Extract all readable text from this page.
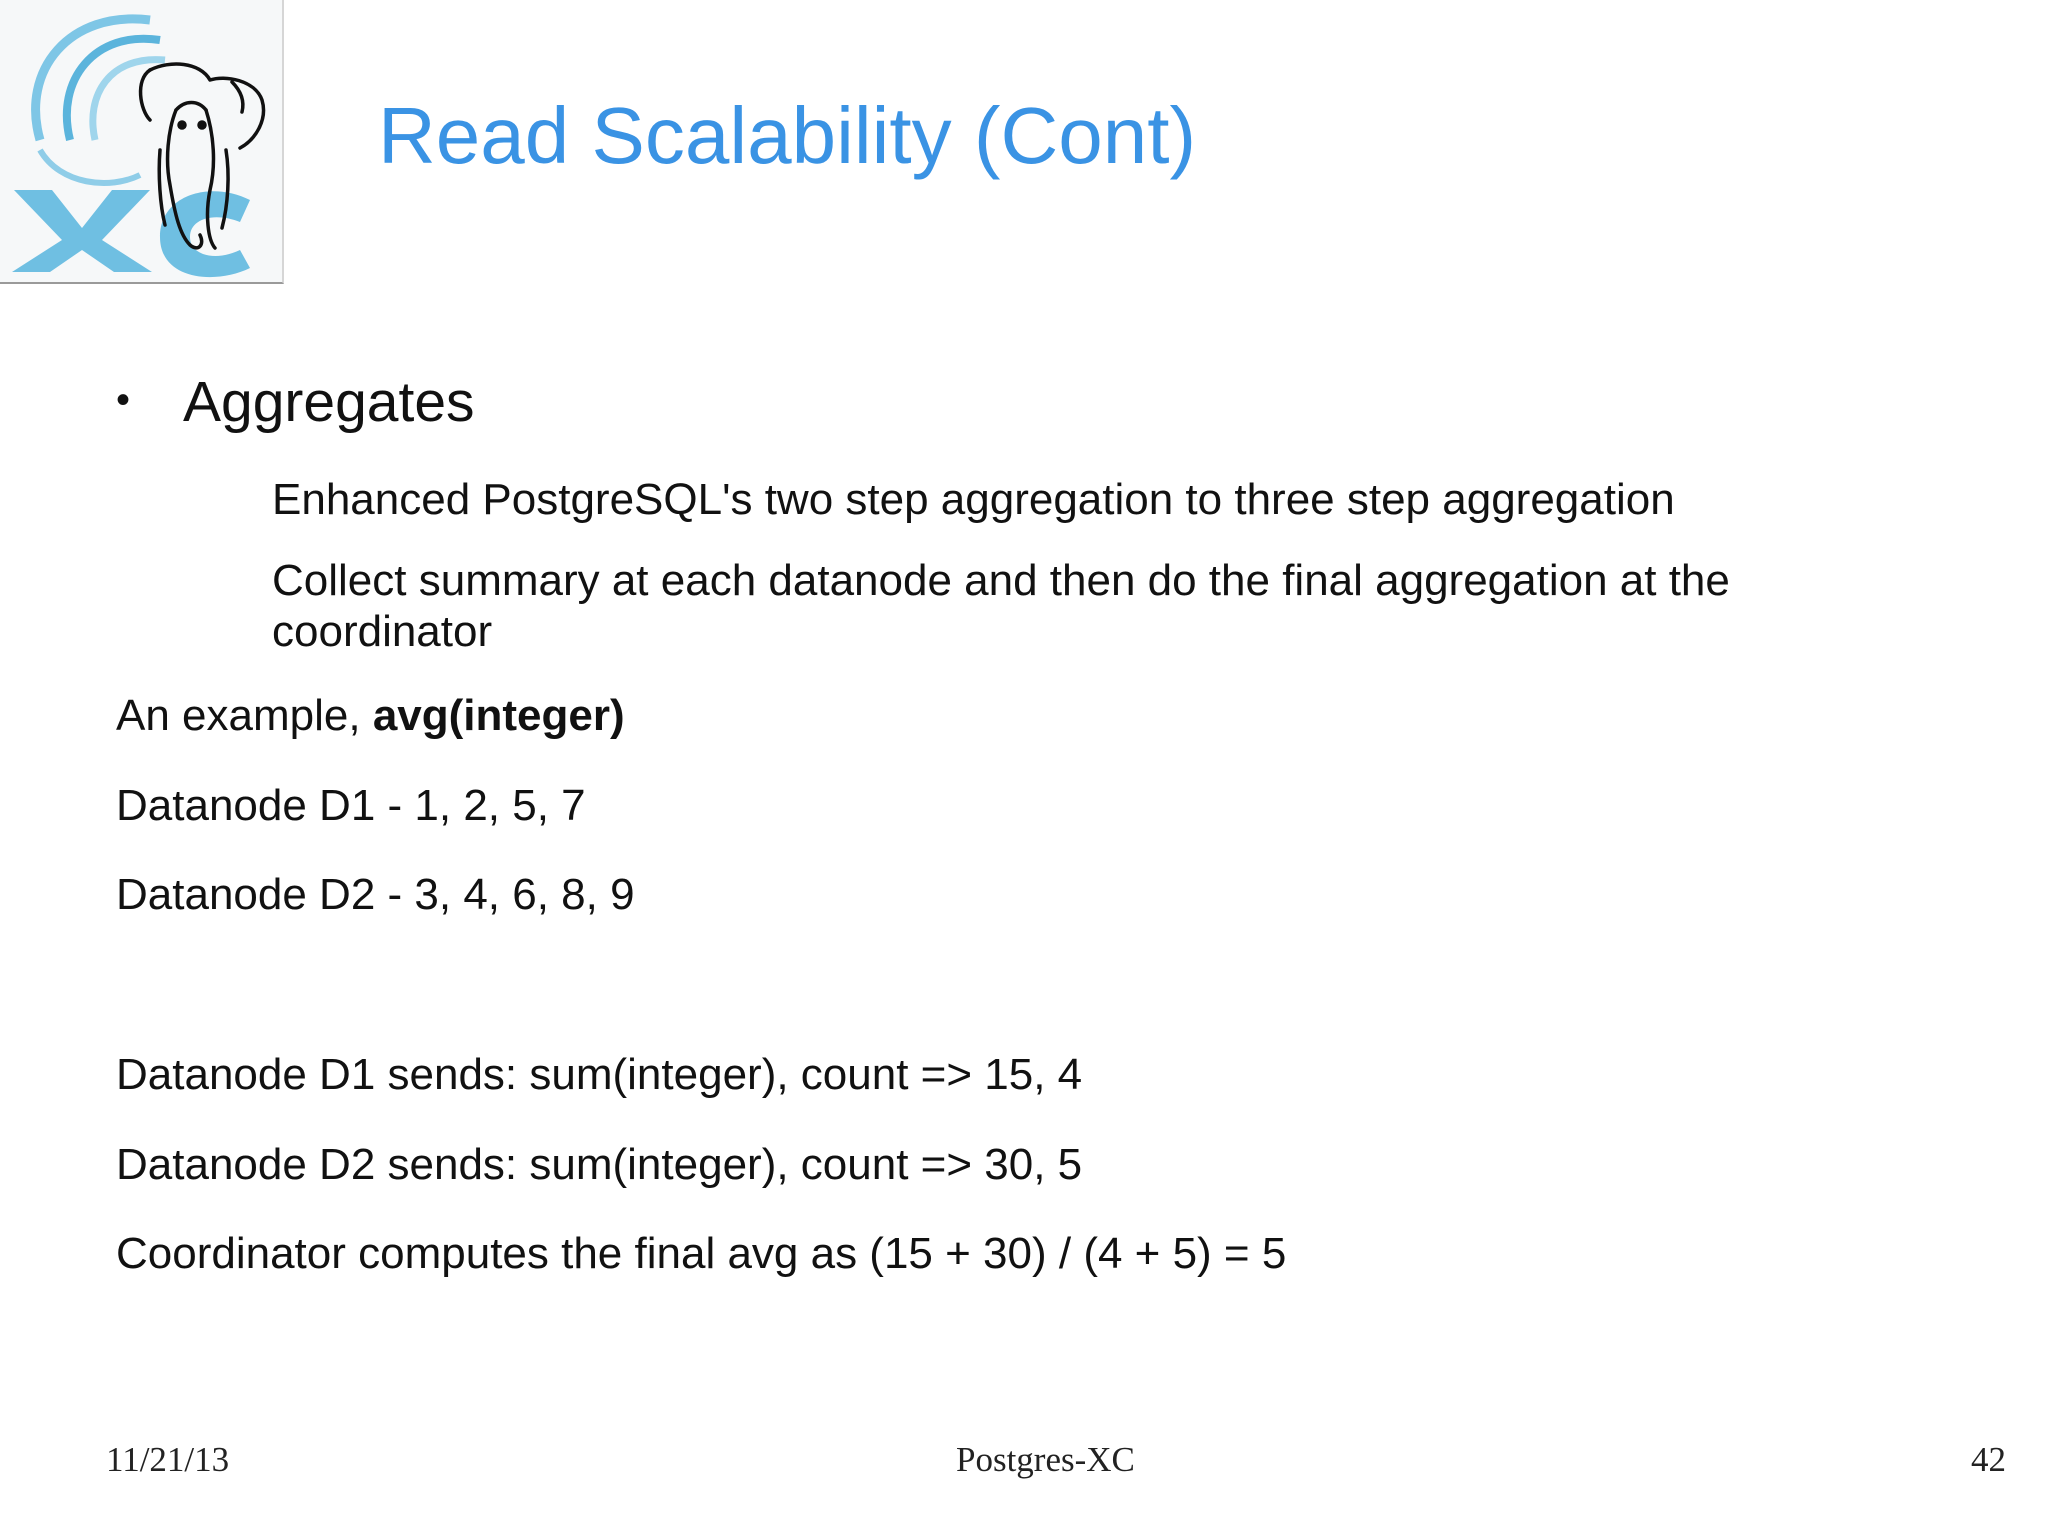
Read Scalability (Cont)
• Aggregates
Enhanced PostgreSQL's two step aggregation to three step aggregation
Collect summary at each datanode and then do the final aggregation at the
coordinator
An example, avg(integer)
Datanode D1 - 1, 2, 5, 7
Datanode D2 - 3, 4, 6, 8, 9
Datanode D1 sends: sum(integer), count => 15, 4
Datanode D2 sends: sum(integer), count => 30, 5
Coordinator computes the final avg as (15 + 30) / (4 + 5) = 5
11/21/13	Postgres-XC	42
